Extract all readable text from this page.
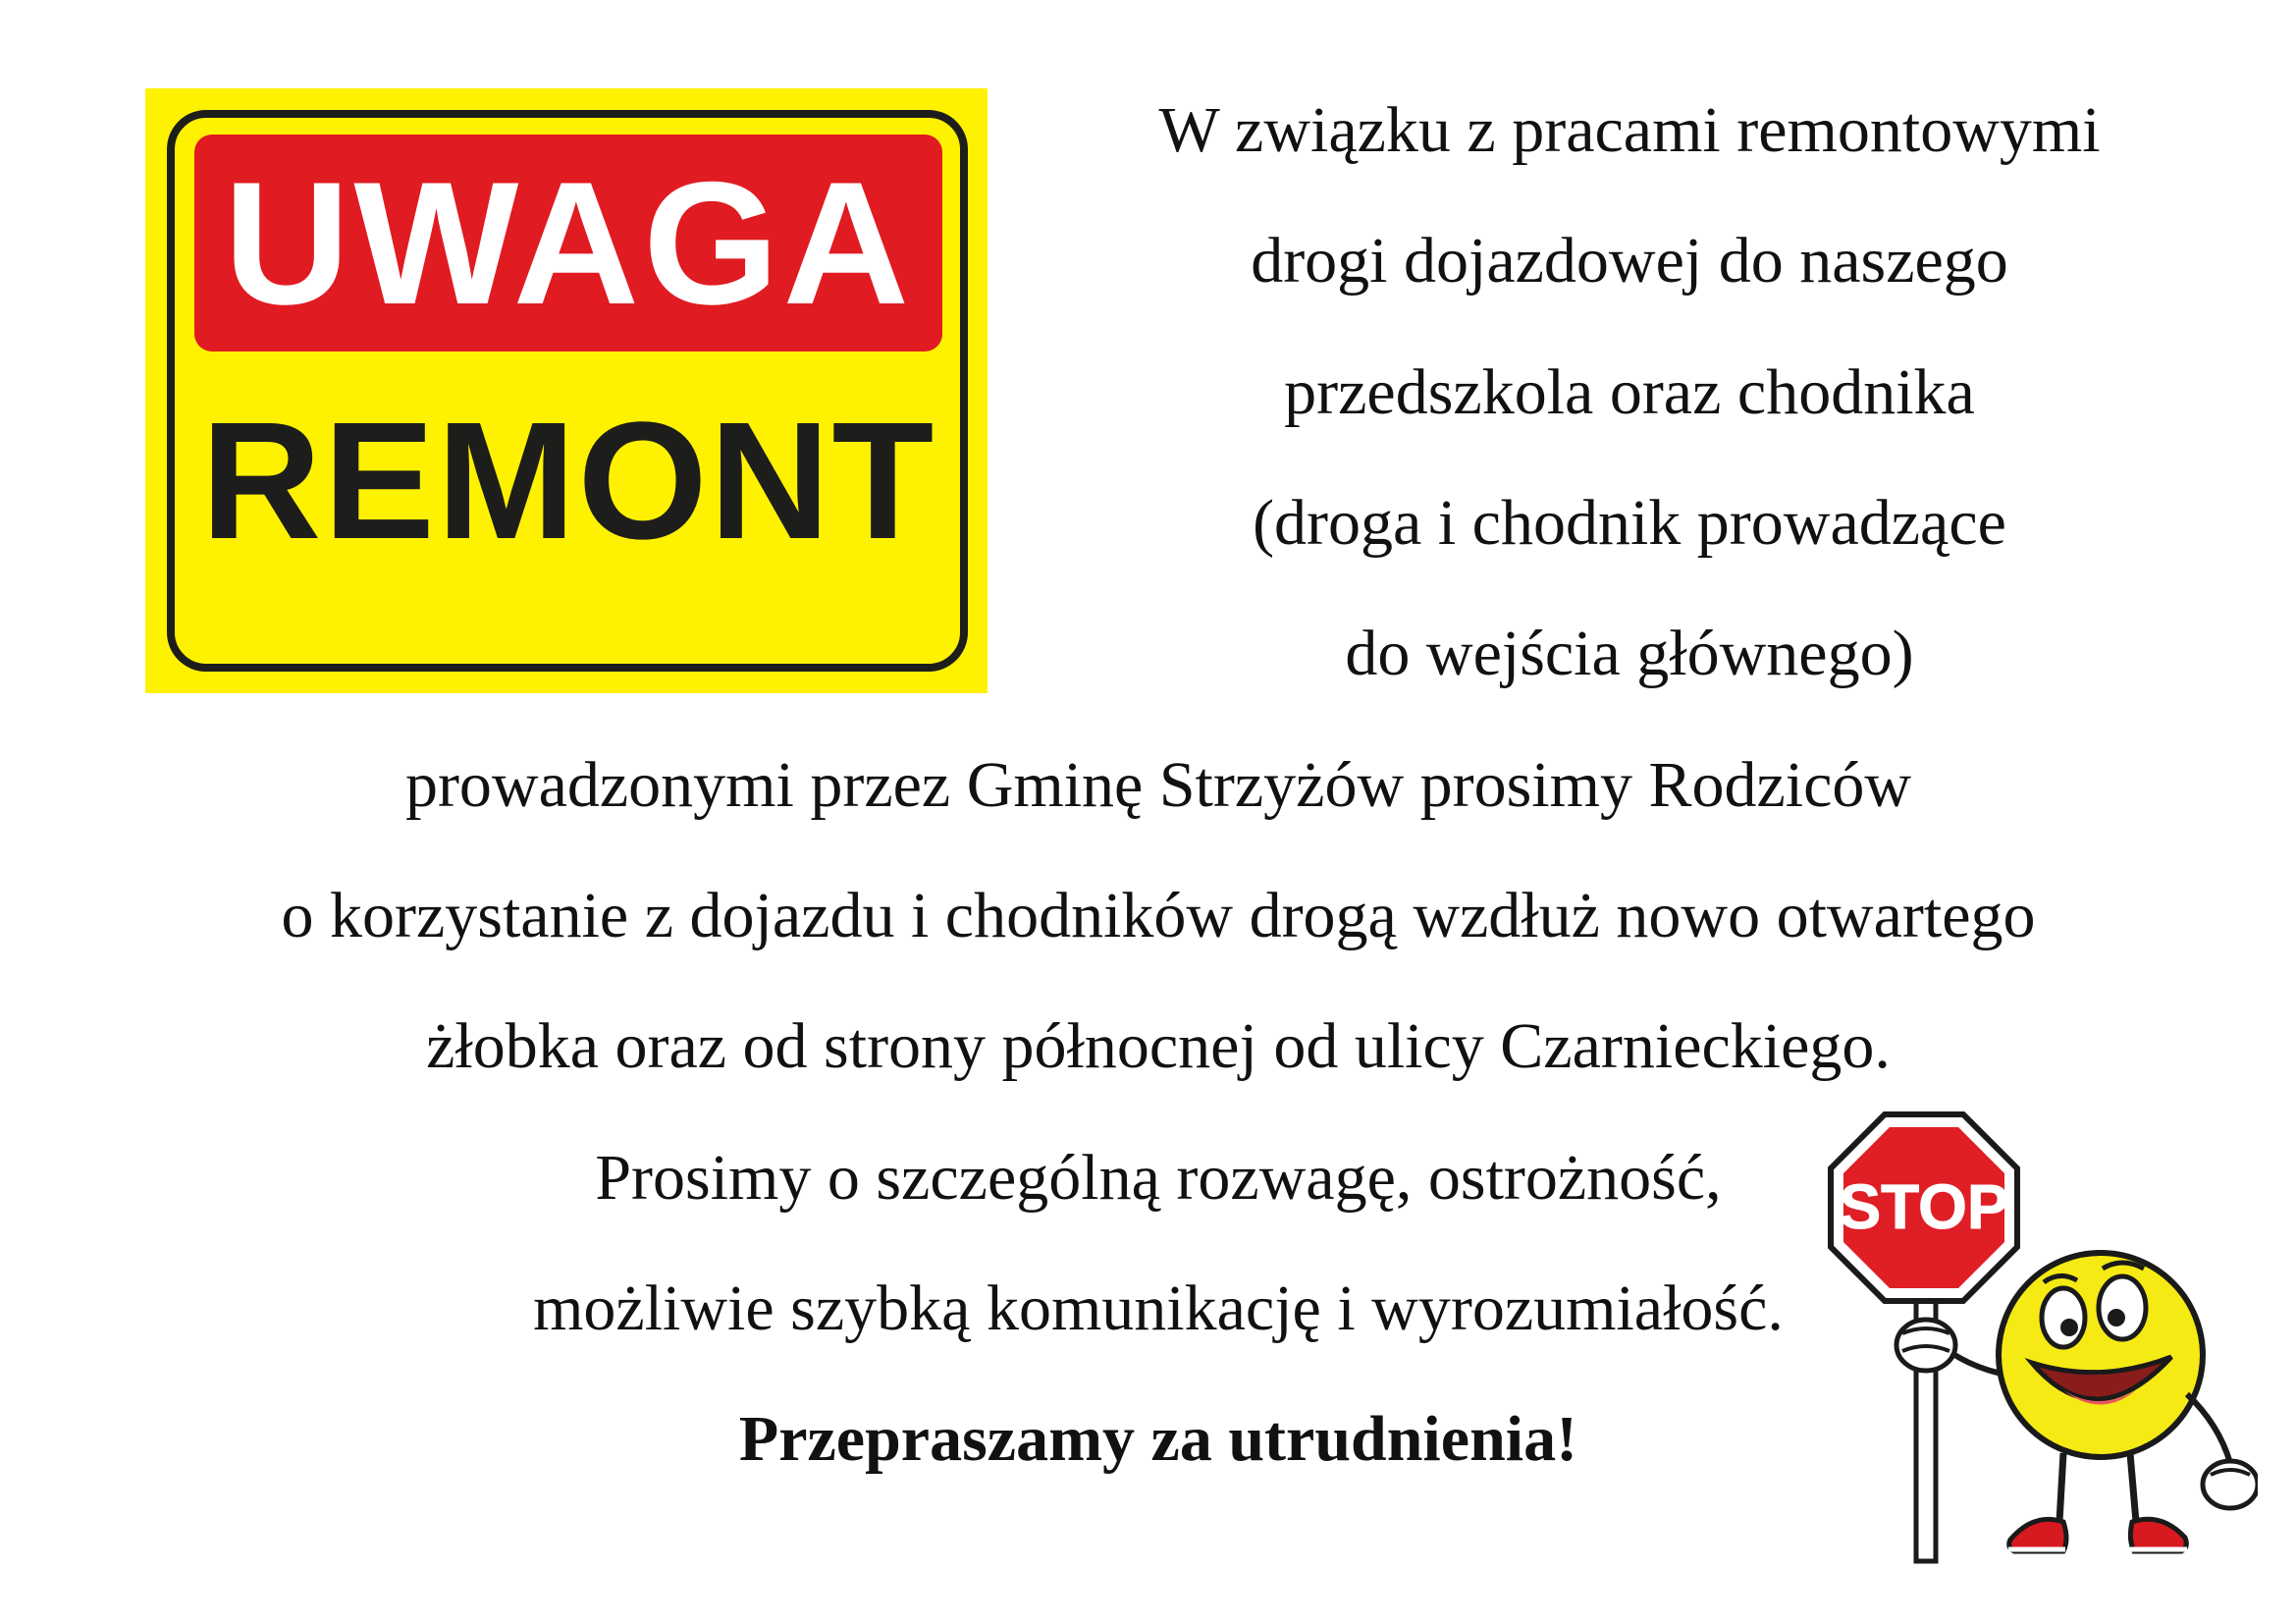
UWAGA
REMONT
W związku z pracami remontowymi
drogi dojazdowej do naszego
przedszkola oraz chodnika
(droga i chodnik prowadzące
do wejścia głównego)
prowadzonymi przez Gminę Strzyżów prosimy Rodziców
o korzystanie z dojazdu i chodników drogą wzdłuż nowo otwartego
żłobka oraz od strony północnej od ulicy Czarnieckiego.
Prosimy o szczególną rozwagę, ostrożność,
możliwie szybką komunikację i wyrozumiałość.
Przepraszamy za utrudnienia!
STOP
